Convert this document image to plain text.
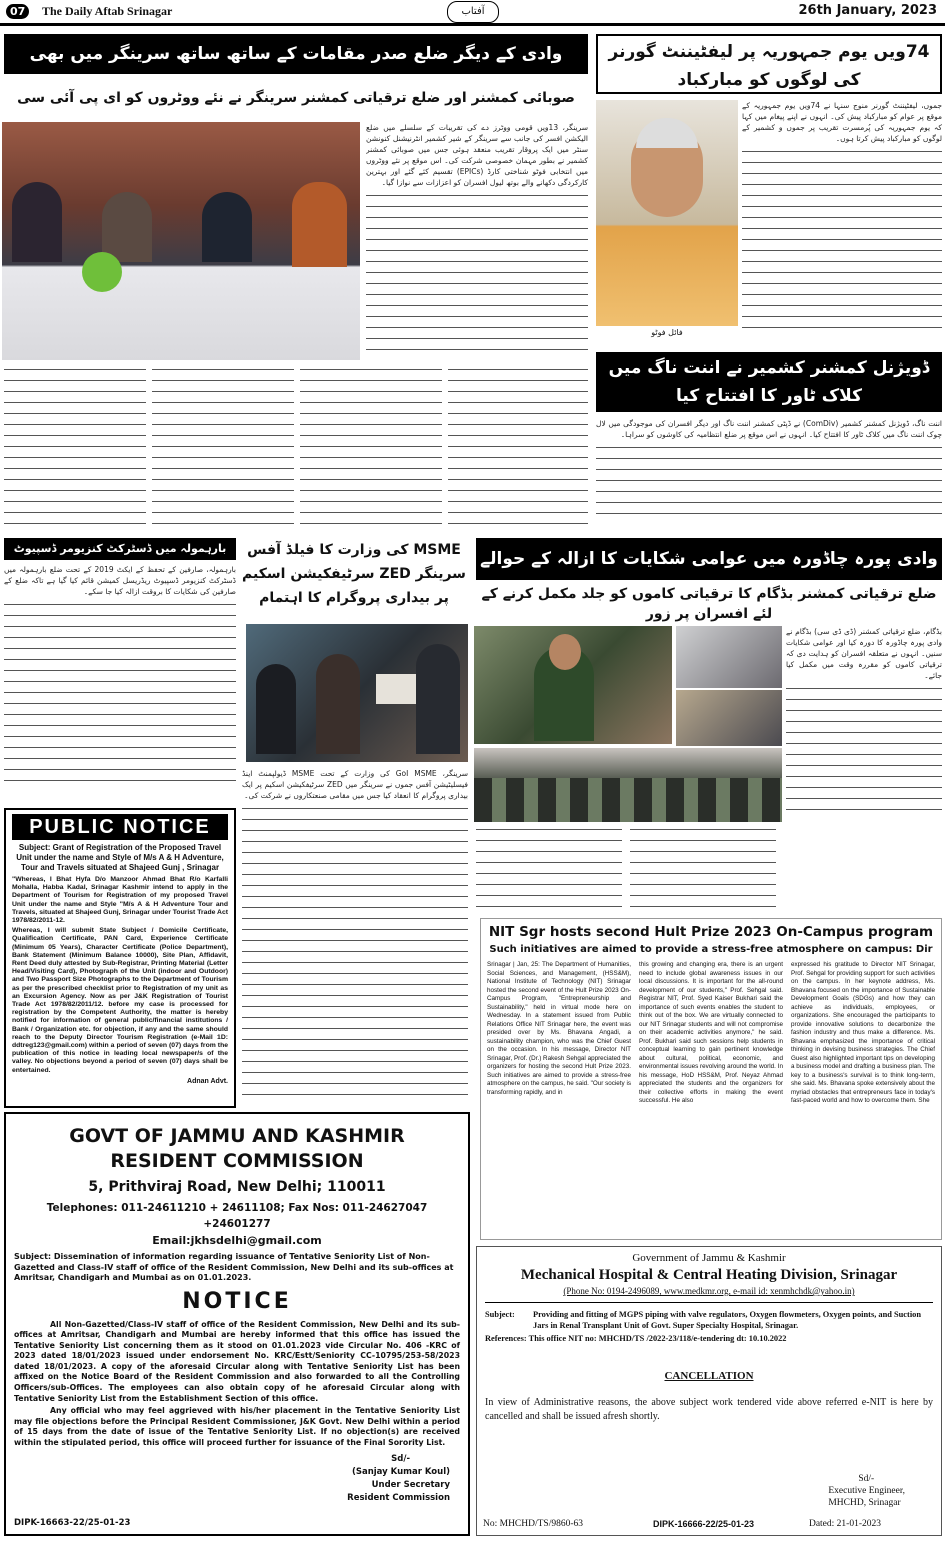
07	The Daily Aftab Srinagar	آفتاب	26th January, 2023
وادی کے دیگر ضلع صدر مقامات کے ساتھ ساتھ سرینگر میں بھی
صوبائی کمشنر اور ضلع ترقیاتی کمشنر سرینگر نے نئے ووٹروں کو ای پی آئی سی

سرینگر، 13ویں قومی ووٹرز دے کی تقریبات کے سلسلے میں ضلع الیکشن افسر کی جانب سے سرینگر کے شیر کشمیر انٹرنیشنل کنونشن سنٹر میں ایک پروقار تقریب منعقد ہوئی جس میں صوبائی کمشنر کشمیر نے بطور مہمان خصوصی شرکت کی۔ اس موقع پر نئے ووٹروں میں انتخابی فوٹو شناختی کارڈ (EPICs) تقسیم کئے گئے اور بہترین کارکردگی دکھانے والے بوتھ لیول افسران کو اعزازات سے نوازا گیا۔

74ویں یوم جمہوریہ پر لیفٹیننٹ گورنر کی لوگوں کو مبارکباد
فائل فوٹو

جموں، لیفٹیننٹ گورنر منوج سنہا نے 74ویں یوم جمہوریہ کے موقع پر عوام کو مبارکباد پیش کی۔ انہوں نے اپنے پیغام میں کہا کہ یوم جمہوریہ کی پُرمسرت تقریب پر جموں و کشمیر کے لوگوں کو مبارکباد پیش کرتا ہوں۔

ڈویژنل کمشنر کشمیر نے اننت ناگ میں کلاک ٹاور کا افتتاح کیا

اننت ناگ، ڈویژنل کمشنر کشمیر (ComDiv) نے ڈپٹی کمشنر اننت ناگ اور دیگر افسران کی موجودگی میں لال چوک اننت ناگ میں کلاک ٹاور کا افتتاح کیا۔ انہوں نے اس موقع پر ضلع انتظامیہ کی کاوشوں کو سراہا۔

بارہمولہ میں ڈسٹرکٹ کنزیومر ڈسپیوٹ

بارہمولہ، صارفین کے تحفظ کے ایکٹ 2019 کے تحت ضلع بارہمولہ میں ڈسٹرکٹ کنزیومر ڈسپیوٹ ریڈریسل کمیشن قائم کیا گیا ہے تاکہ ضلع کے صارفین کی شکایات کا بروقت ازالہ کیا جا سکے۔

PUBLIC NOTICE
Subject: Grant of Registration of the Proposed Travel Unit under the name and Style of M/s A & H Adventure, Tour and Travels situated at Shajeed Gunj , Srinagar
"Whereas, I Bhat Hyfa D/o Manzoor Ahmad Bhat R/o Karfalli Mohalla, Habba Kadal, Srinagar Kashmir intend to apply in the Department of Tourism for Registration of my proposed Travel Unit under the name and Style "M/s A & H Adventure Tour and Travels, situated at Shajeed Gunj, Srinagar under Tourist Trade Act 1978/82/2011-12.
Whereas, I will submit State Subject / Domicile Certificate, Qualification Certificate, PAN Card, Experience Certificate (Minimum 05 Years), Character Certificate (Police Department), Bank Statement (Minimum Balance 10000), Site Plan, Affidavit, Rent Deed duly attested by Sub-Registrar, Printing Material (Letter Head/Visiting Card), Photograph of the Unit (indoor and Outdoor) and Two Passport Size Photographs to the Department of Tourism as per the prescribed checklist prior to Registration of my unit as an Excursion Agency. Now as per J&K Registration of Tourist Trade Act 1978/82/2011/12. before my case is processed for registration by the Competent Authority, the matter is hereby notified for information of general public/financial institutions / Bank / Organization etc. for objection, if any and the same should reach to the Deputy Director Tourism Registration (e-Mail 1D: ddtreg123@gmail.com) within a period of seven (07) days from the publication of this notice in leading local newspaper/s of the valley. No objections beyond a period of seven (07) days shall be entertained.
Adnan Advt.
MSME کی وزارت کا فیلڈ آفس سرینگر ZED سرٹیفکیشن اسکیم پر بیداری پروگرام کا اہتمام

سرینگر، GoI MSME کی وزارت کے تحت MSME ڈیولپمنٹ اینڈ فیسلیٹیشن آفس جموں نے سرینگر میں ZED سرٹیفکیشن اسکیم پر ایک بیداری پروگرام کا انعقاد کیا جس میں مقامی صنعتکاروں نے شرکت کی۔

وادی پورہ چاڈورہ میں عوامی شکایات کا ازالہ کے حوالے
ضلع ترقیاتی کمشنر بڈگام کا ترقیاتی کاموں کو جلد مکمل کرنے کے لئے افسران پر زور

بڈگام، ضلع ترقیاتی کمشنر (ڈی ڈی سی) بڈگام نے وادی پورہ چاڈورہ کا دورہ کیا اور عوامی شکایات سنیں۔ انہوں نے متعلقہ افسران کو ہدایت دی کہ ترقیاتی کاموں کو مقررہ وقت میں مکمل کیا جائے۔

NIT Sgr hosts second Hult Prize 2023 On-Campus program
Such initiatives are aimed to provide a stress-free atmosphere on campus: Dir
Srinagar | Jan, 25: The Department of Humanities, Social Sciences, and Management, (HSS&M), National Institute of Technology (NIT) Srinagar hosted the second event of the Hult Prize 2023 On-Campus Program, "Entrepreneurship and Sustainability," held in virtual mode here on Wednesday. In a statement issued from Public Relations Office NIT Srinagar here, the event was presided over by Ms. Bhavana Angadi, a sustainability champion, who was the Chief Guest on the occasion. In his message, Director NIT Srinagar, Prof. (Dr.) Rakesh Sehgal appreciated the organizers for hosting the second Hult Prize 2023. Such initiatives are aimed to provide a stress-free atmosphere on the campus, he said. "Our society is transforming rapidly, and in
this growing and changing era, there is an urgent need to include global awareness issues in our local discussions. It is important for the all-round development of our students," Prof. Sehgal said. Registrar NIT, Prof. Syed Kaiser Bukhari said the importance of such events enables the student to think out of the box. We are virtually connected to our NIT Srinagar students and will not compromise on their academic activities anymore," he said. Prof. Bukhari said such sessions help students in conceptual learning to gain pertinent knowledge about cultural, political, economic, and environmental issues revolving around the world. In his message, HoD HSS&M, Prof. Neyaz Ahmad appreciated the students and the organizers for their collective efforts in making the event successful. He also
expressed his gratitude to Director NIT Srinagar, Prof. Sehgal for providing support for such activities on the campus. In her keynote address, Ms. Bhavana focused on the importance of Sustainable Development Goals (SDGs) and how they can achieve as individuals, employees, or organizations. She encouraged the participants to provide innovative solutions to decarbonize the fashion industry and thus make a difference. Ms. Bhavana emphasized the importance of critical thinking in devising business strategies. The Chief Guest also highlighted important tips on developing a business model and drafting a business plan. The key to a business's survival is to think long-term, she said. Ms. Bhavana spoke extensively about the myriad obstacles that entrepreneurs face in today's fast-paced world and how to overcome them. She
GOVT OF JAMMU AND KASHMIR
RESIDENT COMMISSION
5, Prithviraj Road, New Delhi; 110011
Telephones: 011-24611210 + 24611108; Fax Nos: 011-24627047 +24601277
Email:jkhsdelhi@gmail.com
Subject: Dissemination of information regarding issuance of Tentative Seniority List of Non-Gazetted and Class-IV staff of office of the Resident Commission, New Delhi and its sub-offices at Amritsar, Chandigarh and Mumbai as on 01.01.2023.
NOTICE
All Non-Gazetted/Class-IV staff of office of the Resident Commission, New Delhi and its sub-offices at Amritsar, Chandigarh and Mumbai are hereby informed that this office has issued the Tentative Seniority List concerning them as it stood on 01.01.2023 vide Circular No. 406 -KRC of 2023 dated 18/01/2023 issued under endorsement No. KRC/Estt/Seniority CC-10795/253-58/2023 dated 18/01/2023. A copy of the aforesaid Circular along with Tentative Seniority List has been affixed on the Notice Board of the Resident Commission and also forwarded to all the Controlling Officers/sub-Offices. The employees can also obtain copy of he aforesaid Circular along with Tentative Seniority List from the Establishment Section of this office.
Any official who may feel aggrieved with his/her placement in the Tentative Seniority List may file objections before the Principal Resident Commissioner, J&K Govt. New Delhi within a period of 15 days from the date of issue of the Tentative Seniority List. If no objection(s) are received within the stipulated period, this office will proceed further for issuance of the Final Sorority List.
Sd/-
(Sanjay Kumar Koul)
Under Secretary
Resident Commission
DIPK-16663-22/25-01-23
Government of Jammu & Kashmir
Mechanical Hospital & Central Heating Division, Srinagar
(Phone No: 0194-2496089, www.medkmr.org, e-mail id: xenmhchdk@yahoo.in)
Subject:	Providing and fitting of MGPS piping with valve regulators, Oxygen flowmeters, Oxygen points, and Suction Jars in Renal Transplant Unit of Govt. Super Specialty Hospital, Srinagar.
References: This office NIT no: MHCHD/TS /2022-23/118/e-tendering dt: 10.10.2022
CANCELLATION
In view of Administrative reasons, the above subject work tendered vide above referred e-NIT is here by cancelled and shall be issued afresh shortly.
Sd/-
Executive Engineer,
MHCHD, Srinagar
No: MHCHD/TS/9860-63	DIPK-16666-22/25-01-23	Dated: 21-01-2023
